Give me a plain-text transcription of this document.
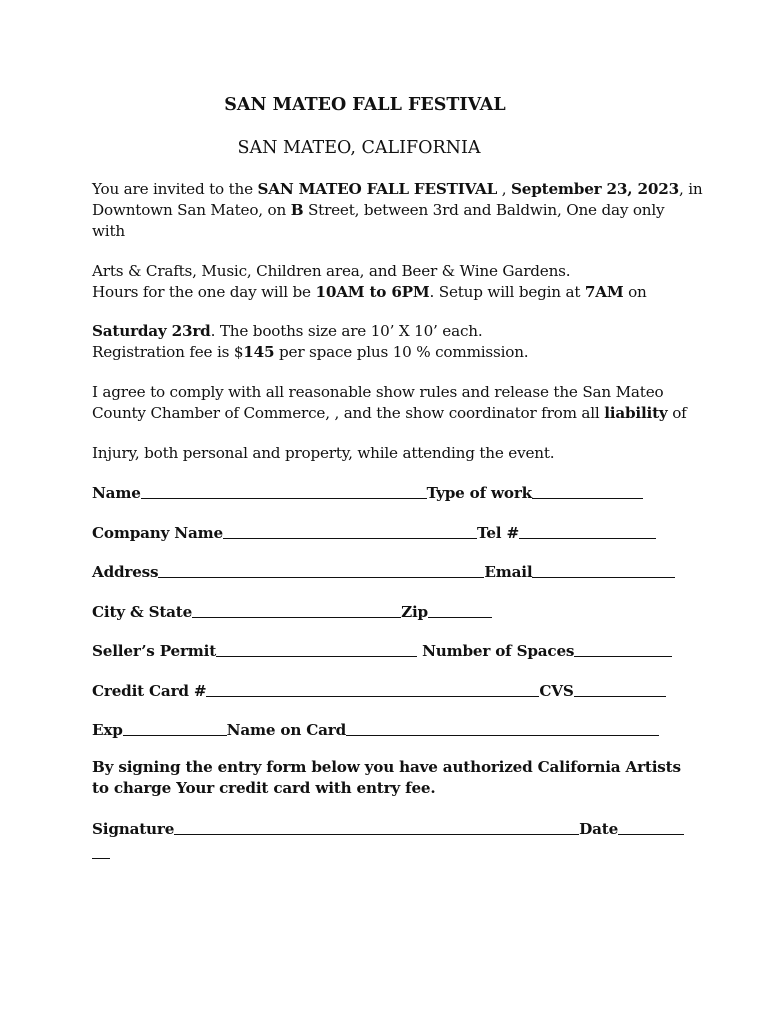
SAN MATEO FALL FESTIVAL
SAN MATEO, CALIFORNIA
You are invited to the SAN MATEO FALL FESTIVAL , September 23, 2023, in
Downtown San Mateo, on B Street, between 3rd and Baldwin, One day only
with
Arts & Crafts, Music, Children area, and Beer & Wine Gardens.
Hours for the one day will be 10AM to 6PM. Setup will begin at 7AM on
Saturday 23rd. The booths size are 10’ X 10’ each.
Registration fee is $145 per space plus 10 % commission.
I agree to comply with all reasonable show rules and release the San Mateo
County Chamber of Commerce, , and the show coordinator from all liability of
Injury, both personal and property, while attending the event.
Name	Type of work
Company Name	Tel #
Address	Email
City & State	Zip
Seller’s Permit	Number of Spaces
Credit Card #	CVS
Exp	Name on Card
By signing the entry form below you have authorized California Artists
to charge Your credit card with entry fee.
Signature	Date
